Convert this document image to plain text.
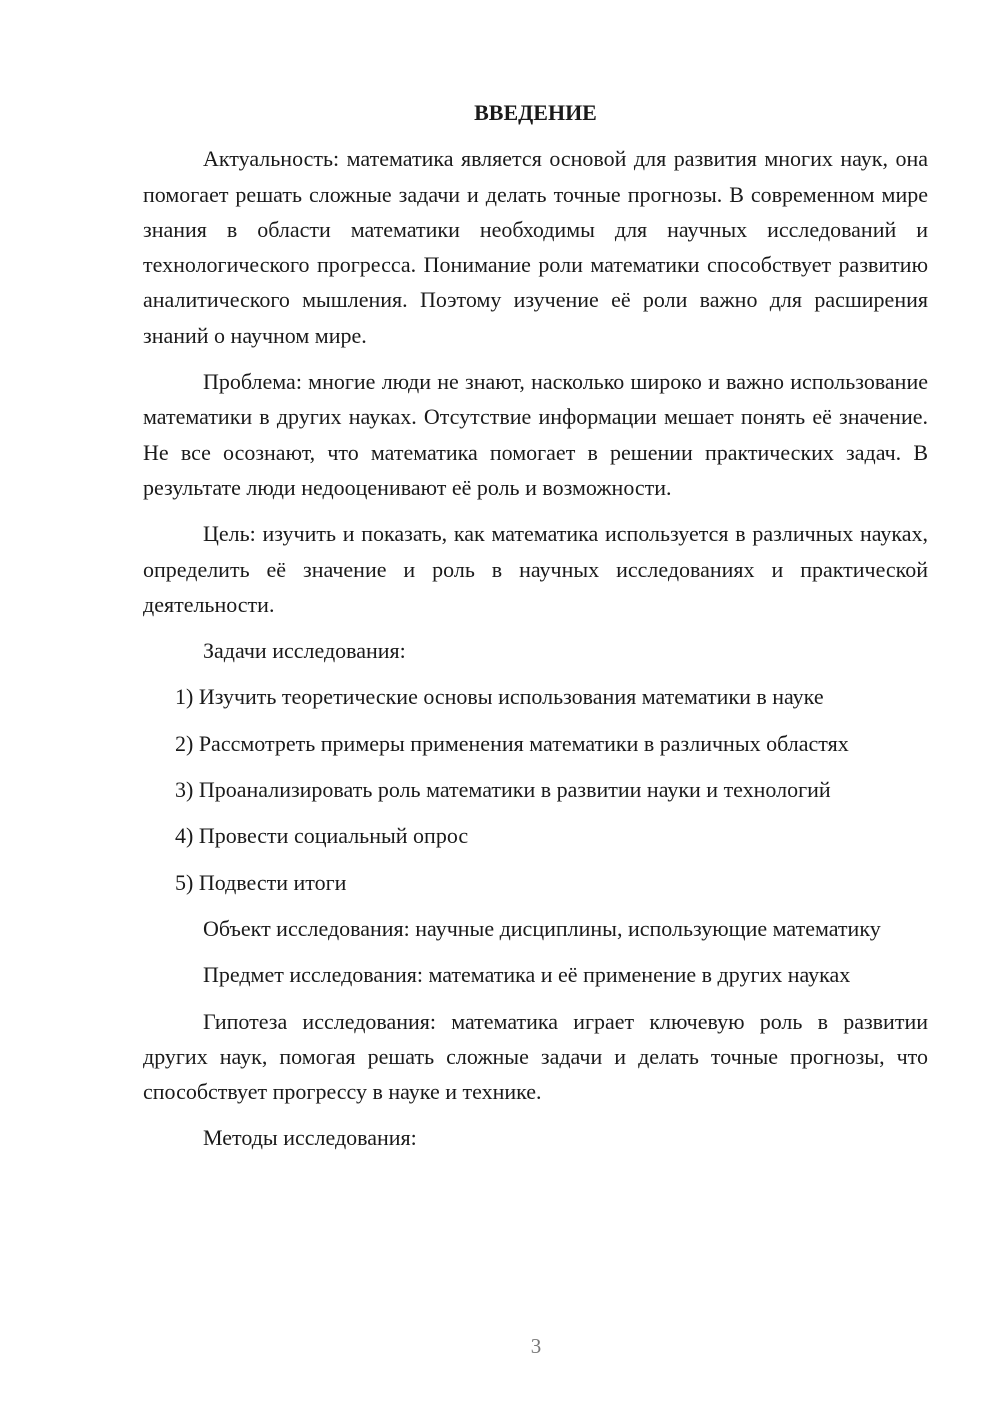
ВВЕДЕНИЕ

Актуальность: математика является основой для развития многих наук, она помогает решать сложные задачи и делать точные прогнозы. В современном мире знания в области математики необходимы для научных исследований и технологического прогресса. Понимание роли математики способствует развитию аналитического мышления. Поэтому изучение её роли важно для расширения знаний о научном мире.

Проблема: многие люди не знают, насколько широко и важно использование математики в других науках. Отсутствие информации мешает понять её значение. Не все осознают, что математика помогает в решении практических задач. В результате люди недооценивают её роль и возможности.

Цель: изучить и показать, как математика используется в различных науках, определить её значение и роль в научных исследованиях и практической деятельности.

Задачи исследования:

1) Изучить теоретические основы использования математики в науке

2) Рассмотреть примеры применения математики в различных областях

3) Проанализировать роль математики в развитии науки и технологий

4) Провести социальный опрос

5) Подвести итоги

Объект исследования: научные дисциплины, использующие математику

Предмет исследования: математика и её применение в других науках

Гипотеза исследования: математика играет ключевую роль в развитии других наук, помогая решать сложные задачи и делать точные прогнозы, что способствует прогрессу в науке и технике.

Методы исследования:

3
